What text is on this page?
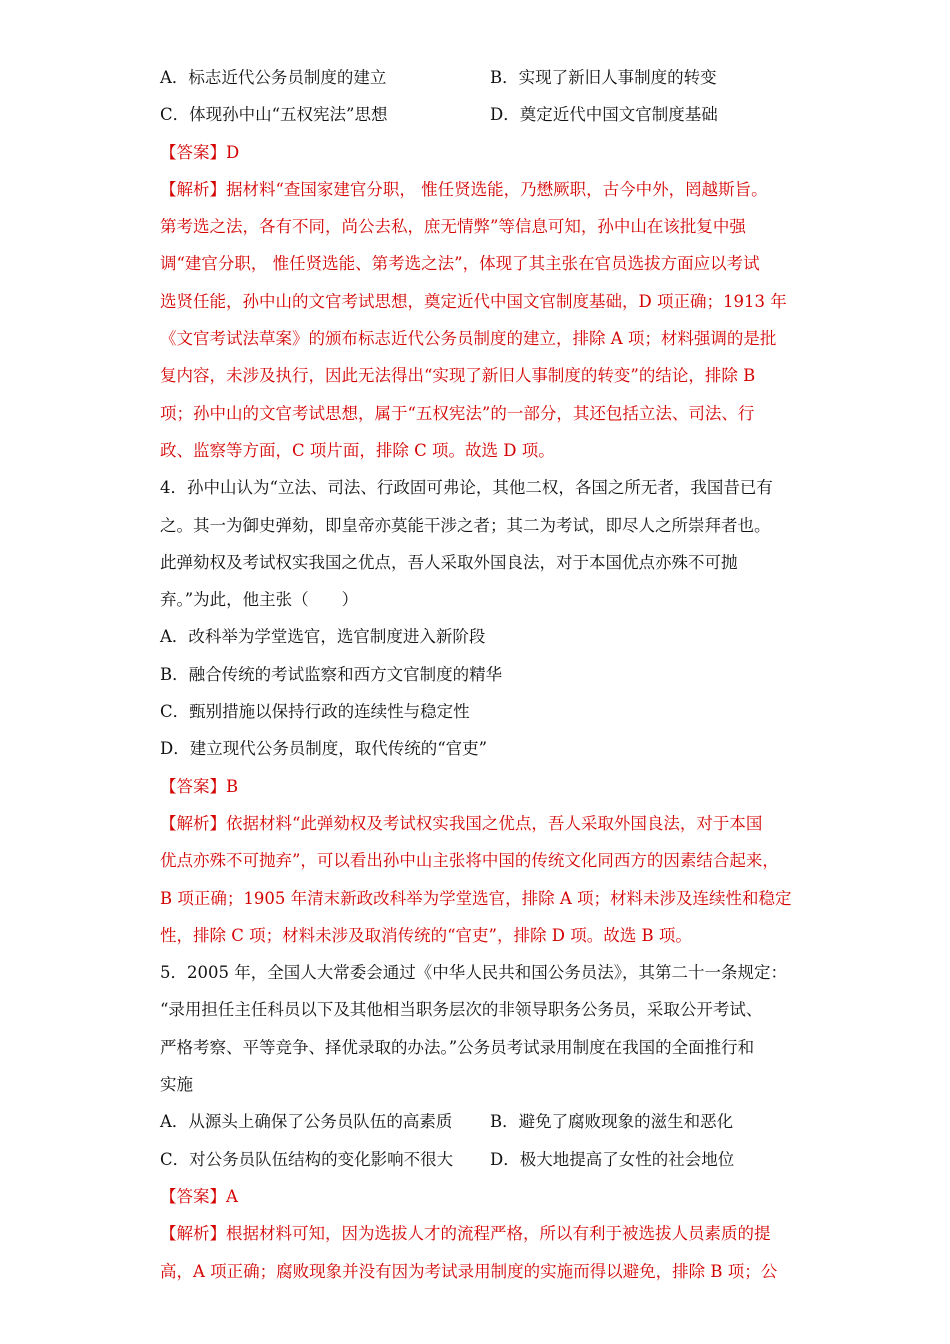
A．标志近代公务员制度的建立	B．实现了新旧人事制度的转变
C．体现孙中山“五权宪法”思想	D．奠定近代中国文官制度基础
【答案】D
【解析】据材料“查国家建官分职， 惟任贤选能，乃懋厥职，古今中外，罔越斯旨。
第考选之法，各有不同，尚公去私，庶无情弊”等信息可知，孙中山在该批复中强
调“建官分职， 惟任贤选能、第考选之法”，体现了其主张在官员选拔方面应以考试
选贤任能，孙中山的文官考试思想，奠定近代中国文官制度基础，D 项正确；1913 年
《文官考试法草案》的颁布标志近代公务员制度的建立，排除 A 项；材料强调的是批
复内容，未涉及执行，因此无法得出“实现了新旧人事制度的转变”的结论，排除 B
项；孙中山的文官考试思想，属于“五权宪法”的一部分，其还包括立法、司法、行
政、监察等方面，C 项片面，排除 C 项。故选 D 项。
4．孙中山认为“立法、司法、行政固可弗论，其他二权，各国之所无者，我国昔已有
之。其一为御史弹劾，即皇帝亦莫能干涉之者；其二为考试，即尽人之所崇拜者也。
此弹劾权及考试权实我国之优点，吾人采取外国良法，对于本国优点亦殊不可抛
弃。”为此，他主张（　　）
A．改科举为学堂选官，选官制度进入新阶段
B．融合传统的考试监察和西方文官制度的精华
C．甄别措施以保持行政的连续性与稳定性
D．建立现代公务员制度，取代传统的“官吏”
【答案】B
【解析】依据材料“此弹劾权及考试权实我国之优点，吾人采取外国良法，对于本国
优点亦殊不可抛弃”，可以看出孙中山主张将中国的传统文化同西方的因素结合起来，
B 项正确；1905 年清末新政改科举为学堂选官，排除 A 项；材料未涉及连续性和稳定
性，排除 C 项；材料未涉及取消传统的“官吏”，排除 D 项。故选 B 项。
5．2005 年，全国人大常委会通过《中华人民共和国公务员法》，其第二十一条规定：
“录用担任主任科员以下及其他相当职务层次的非领导职务公务员，采取公开考试、
严格考察、平等竞争、择优录取的办法。”公务员考试录用制度在我国的全面推行和
实施
A．从源头上确保了公务员队伍的高素质	B．避免了腐败现象的滋生和恶化
C．对公务员队伍结构的变化影响不很大	D．极大地提高了女性的社会地位
【答案】A
【解析】根据材料可知，因为选拔人才的流程严格，所以有利于被选拔人员素质的提
高，A 项正确；腐败现象并没有因为考试录用制度的实施而得以避免，排除 B 项；公
